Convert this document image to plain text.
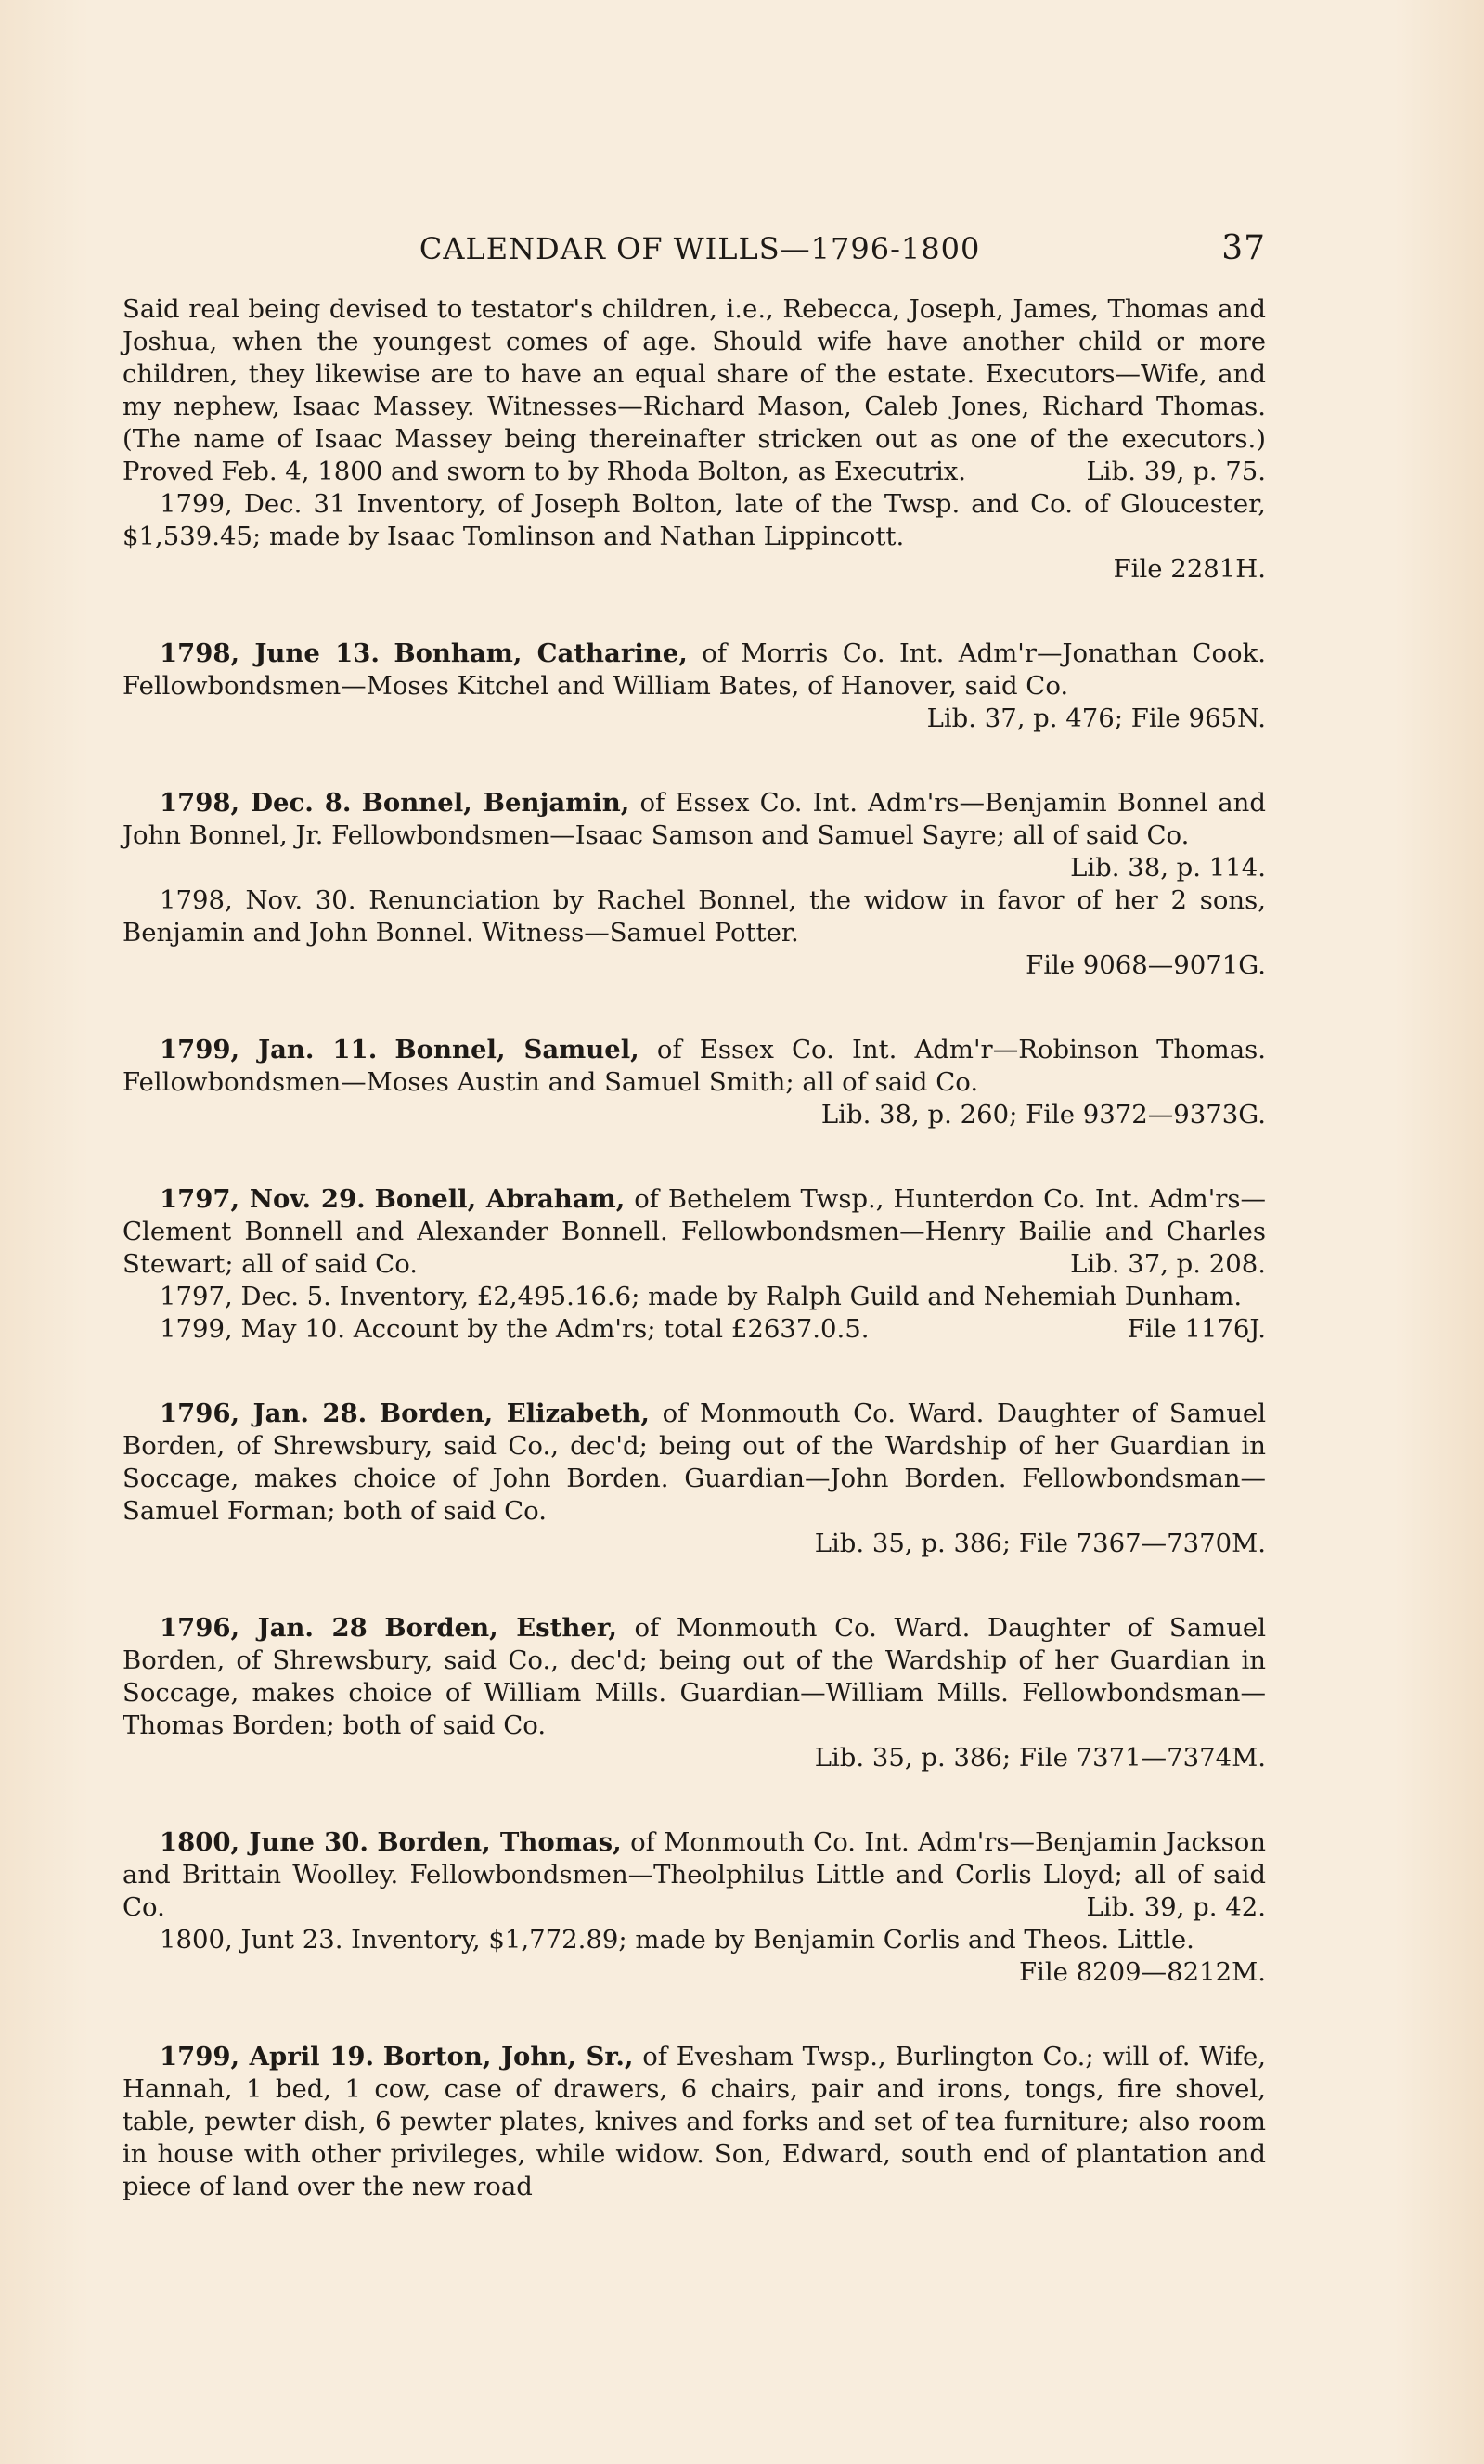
CALENDAR OF WILLS—1796-1800	37

Said real being devised to testator's children, i.e., Rebecca, Joseph, James, Thomas and Joshua, when the youngest comes of age. Should wife have another child or more children, they likewise are to have an equal share of the estate. Executors—Wife, and my nephew, Isaac Massey. Witnesses—Richard Mason, Caleb Jones, Richard Thomas. (The name of Isaac Massey being thereinafter stricken out as one of the executors.) Proved Feb. 4, 1800 and sworn to by Rhoda Bolton, as Executrix.	Lib. 39, p. 75.

1799, Dec. 31 Inventory, of Joseph Bolton, late of the Twsp. and Co. of Gloucester, $1,539.45; made by Isaac Tomlinson and Nathan Lippincott.

File 2281H.

1798, June 13. Bonham, Catharine, of Morris Co. Int. Adm'r—Jonathan Cook. Fellowbondsmen—Moses Kitchel and William Bates, of Hanover, said Co.
Lib. 37, p. 476; File 965N.

1798, Dec. 8. Bonnel, Benjamin, of Essex Co. Int. Adm'rs—Benjamin Bonnel and John Bonnel, Jr. Fellowbondsmen—Isaac Samson and Samuel Sayre; all of said Co.
Lib. 38, p. 114.

1798, Nov. 30. Renunciation by Rachel Bonnel, the widow in favor of her 2 sons, Benjamin and John Bonnel. Witness—Samuel Potter.

File 9068—9071G.

1799, Jan. 11. Bonnel, Samuel, of Essex Co. Int. Adm'r—Robinson Thomas. Fellowbondsmen—Moses Austin and Samuel Smith; all of said Co.

Lib. 38, p. 260; File 9372—9373G.

1797, Nov. 29. Bonell, Abraham, of Bethelem Twsp., Hunterdon Co. Int. Adm'rs—Clement Bonnell and Alexander Bonnell. Fellowbondsmen—Henry Bailie and Charles Stewart; all of said Co.	Lib. 37, p. 208.

1797, Dec. 5. Inventory, £2,495.16.6; made by Ralph Guild and Nehemiah Dunham.

1799, May 10. Account by the Adm'rs; total £2637.0.5.	File 1176J.

1796, Jan. 28. Borden, Elizabeth, of Monmouth Co. Ward. Daughter of Samuel Borden, of Shrewsbury, said Co., dec'd; being out of the Wardship of her Guardian in Soccage, makes choice of John Borden. Guardian—John Borden. Fellowbondsman—Samuel Forman; both of said Co.

Lib. 35, p. 386; File 7367—7370M.

1796, Jan. 28 Borden, Esther, of Monmouth Co. Ward. Daughter of Samuel Borden, of Shrewsbury, said Co., dec'd; being out of the Wardship of her Guardian in Soccage, makes choice of William Mills. Guardian—William Mills. Fellowbondsman—Thomas Borden; both of said Co.

Lib. 35, p. 386; File 7371—7374M.

1800, June 30. Borden, Thomas, of Monmouth Co. Int. Adm'rs—Benjamin Jackson and Brittain Woolley. Fellowbondsmen—Theolphilus Little and Corlis Lloyd; all of said Co.	Lib. 39, p. 42.

1800, Junt 23. Inventory, $1,772.89; made by Benjamin Corlis and Theos. Little.
File 8209—8212M.

1799, April 19. Borton, John, Sr., of Evesham Twsp., Burlington Co.; will of. Wife, Hannah, 1 bed, 1 cow, case of drawers, 6 chairs, pair and irons, tongs, fire shovel, table, pewter dish, 6 pewter plates, knives and forks and set of tea furniture; also room in house with other privileges, while widow. Son, Edward, south end of plantation and piece of land over the new road
